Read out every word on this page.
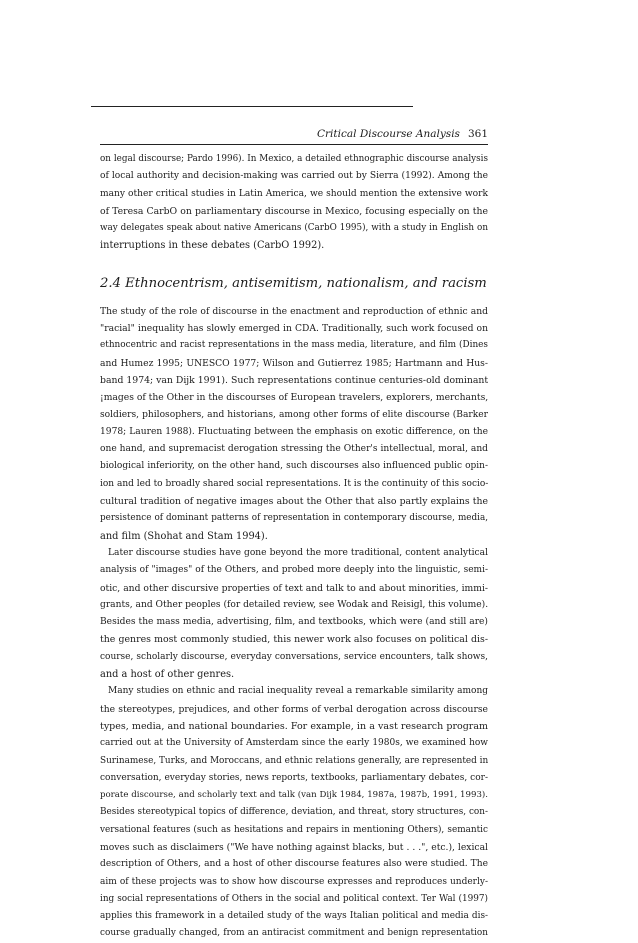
Critical Discourse Analysis 361
on legal discourse; Pardo 1996). In Mexico, a detailed ethnographic discourse analysis
of local authority and decision-making was carried out by Sierra (1992). Among the
many other critical studies in Latin America, we should mention the extensive work
of Teresa CarbO on parliamentary discourse in Mexico, focusing especially on the
way delegates speak about native Americans (CarbO 1995), with a study in English on
interruptions in these debates (CarbO 1992).
2.4 Ethnocentrism, antisemitism, nationalism, and racism
The study of the role of discourse in the enactment and reproduction of ethnic and
"racial" inequality has slowly emerged in CDA. Traditionally, such work focused on
ethnocentric and racist representations in the mass media, literature, and film (Dines
and Humez 1995; UNESCO 1977; Wilson and Gutierrez 1985; Hartmann and Hus-
band 1974; van Dijk 1991). Such representations continue centuries-old dominant
¡mages of the Other in the discourses of European travelers, explorers, merchants,
soldiers, philosophers, and historians, among other forms of elite discourse (Barker
1978; Lauren 1988). Fluctuating between the emphasis on exotic difference, on the
one hand, and supremacist derogation stressing the Other's intellectual, moral, and
biological inferiority, on the other hand, such discourses also influenced public opin-
ion and led to broadly shared social representations. It is the continuity of this socio-
cultural tradition of negative images about the Other that also partly explains the
persistence of dominant patterns of representation in contemporary discourse, media,
and film (Shohat and Stam 1994).
Later discourse studies have gone beyond the more traditional, content analytical
analysis of "images" of the Others, and probed more deeply into the linguistic, semi-
otic, and other discursive properties of text and talk to and about minorities, immi-
grants, and Other peoples (for detailed review, see Wodak and Reisigl, this volume).
Besides the mass media, advertising, film, and textbooks, which were (and still are)
the genres most commonly studied, this newer work also focuses on political dis-
course, scholarly discourse, everyday conversations, service encounters, talk shows,
and a host of other genres.
Many studies on ethnic and racial inequality reveal a remarkable similarity among
the stereotypes, prejudices, and other forms of verbal derogation across discourse
types, media, and national boundaries. For example, in a vast research program
carried out at the University of Amsterdam since the early 1980s, we examined how
Surinamese, Turks, and Moroccans, and ethnic relations generally, are represented in
conversation, everyday stories, news reports, textbooks, parliamentary debates, cor-
porate discourse, and scholarly text and talk (van Dijk 1984, 1987a, 1987b, 1991, 1993).
Besides stereotypical topics of difference, deviation, and threat, story structures, con-
versational features (such as hesitations and repairs in mentioning Others), semantic
moves such as disclaimers ("We have nothing against blacks, but . . .", etc.), lexical
description of Others, and a host of other discourse features also were studied. The
aim of these projects was to show how discourse expresses and reproduces underly-
ing social representations of Others in the social and political context. Ter Wal (1997)
applies this framework in a detailed study of the ways Italian political and media dis-
course gradually changed, from an antiracist commitment and benign representation
